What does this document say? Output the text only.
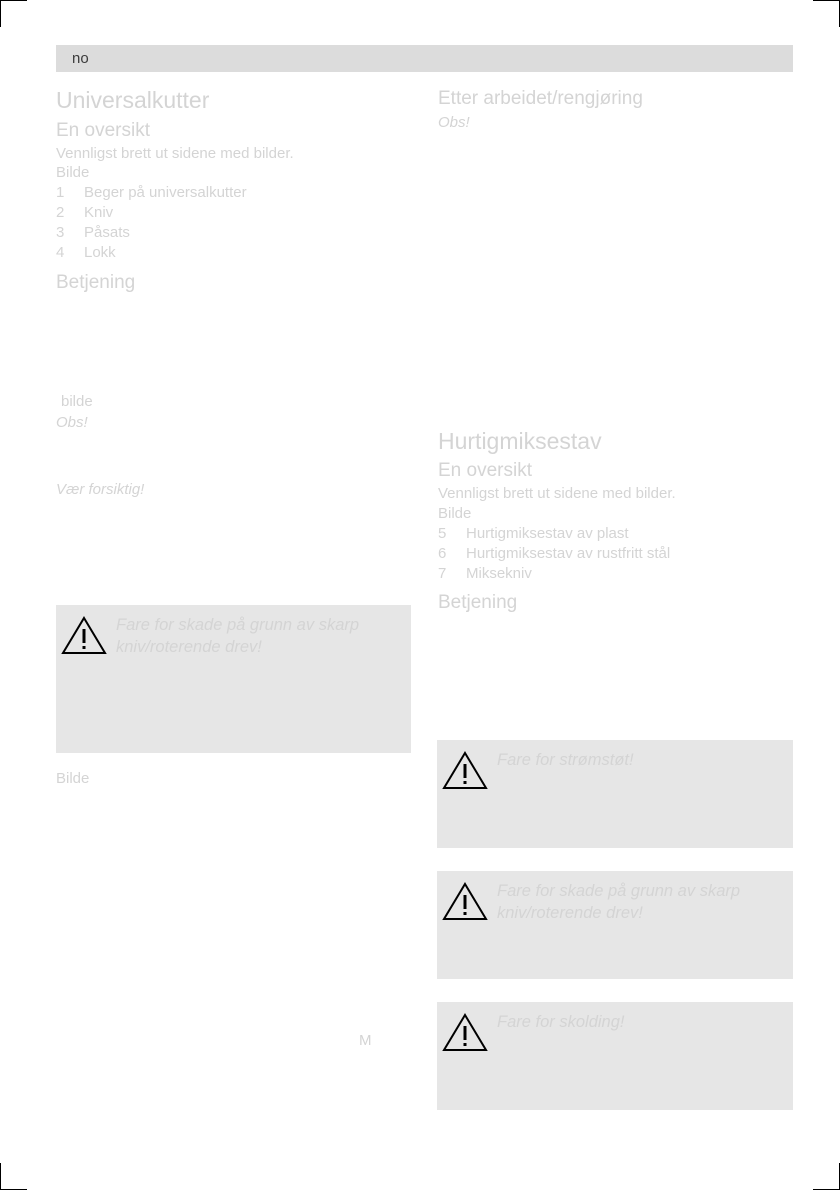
no
Universalkutter
En oversikt
Vennligst brett ut sidene med bilder.
Bilde
1 Beger på universalkutter
2 Kniv
3 Påsats
4 Lokk
Betjening
bilde
Obs!
Vær forsiktig!
Fare for skade på grunn av skarp kniv/roterende drev!
Bilde
M
Etter arbeidet/rengjøring
Obs!
Hurtigmiksestav
En oversikt
Vennligst brett ut sidene med bilder.
Bilde
5 Hurtigmiksestav av plast
6 Hurtigmiksestav av rustfritt stål
7 Miksekniv
Betjening
Fare for strømstøt!
Fare for skade på grunn av skarp kniv/roterende drev!
Fare for skolding!
